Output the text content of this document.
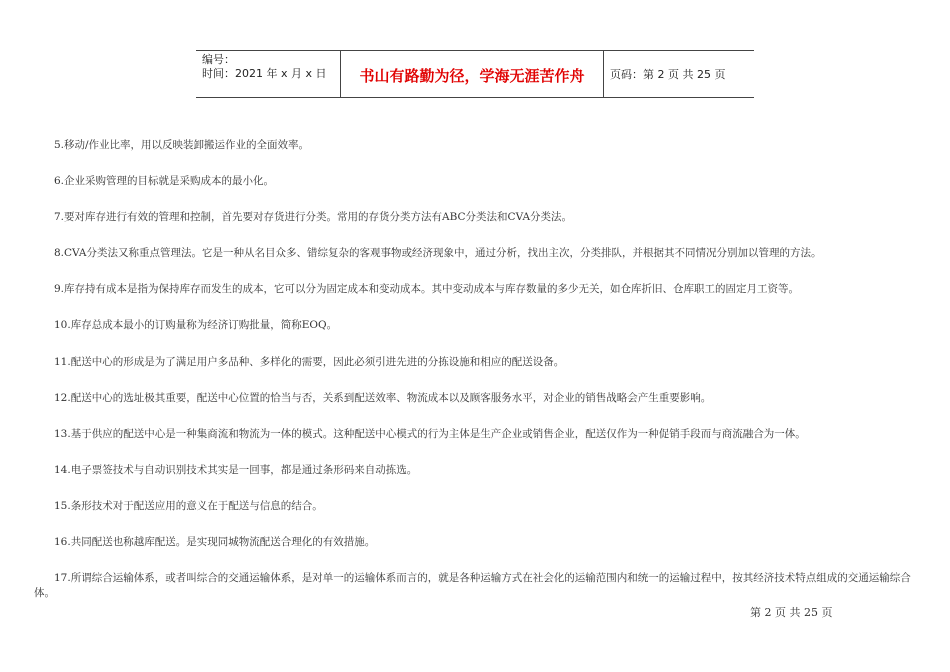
编号：
时间：2021 年 x 月 x 日	书山有路勤为径，学海无涯苦作舟	页码：第 2 页 共 25 页

5.移动/作业比率，用以反映装卸搬运作业的全面效率。

6.企业采购管理的目标就是采购成本的最小化。

7.要对库存进行有效的管理和控制，首先要对存货进行分类。常用的存货分类方法有ABC分类法和CVA分类法。

8.CVA分类法又称重点管理法。它是一种从名目众多、错综复杂的客观事物或经济现象中，通过分析，找出主次，分类排队，并根据其不同情况分别加以管理的方法。

9.库存持有成本是指为保持库存而发生的成本，它可以分为固定成本和变动成本。其中变动成本与库存数量的多少无关，如仓库折旧、仓库职工的固定月工资等。

10.库存总成本最小的订购量称为经济订购批量，简称EOQ。

11.配送中心的形成是为了满足用户多品种、多样化的需要，因此必须引进先进的分拣设施和相应的配送设备。

12.配送中心的选址极其重要，配送中心位置的恰当与否，关系到配送效率、物流成本以及顾客服务水平，对企业的销售战略会产生重要影响。

13.基于供应的配送中心是一种集商流和物流为一体的模式。这种配送中心模式的行为主体是生产企业或销售企业，配送仅作为一种促销手段而与商流融合为一体。

14.电子票签技术与自动识别技术其实是一回事，都是通过条形码来自动拣选。

15.条形技术对于配送应用的意义在于配送与信息的结合。

16.共同配送也称越库配送。是实现同城物流配送合理化的有效措施。

17.所谓综合运输体系，或者叫综合的交通运输体系，是对单一的运输体系而言的，就是各种运输方式在社会化的运输范围内和统一的运输过程中，按其经济技术特点组成的交通运输综合体。

第 2 页 共 25 页
